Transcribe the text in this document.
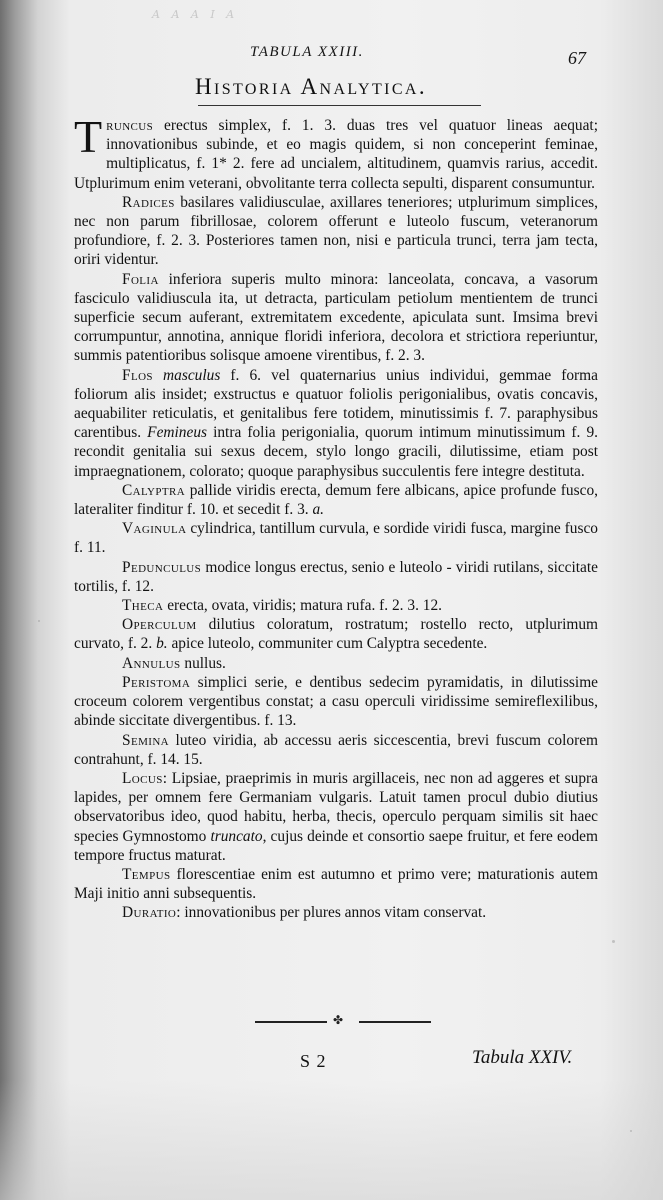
Α Α Α Ι Α
TABULA XXIII.	67
Historia Analytica.

Truncus erectus simplex, f. 1. 3. duas tres vel quatuor lineas aequat; innovationibus subinde, et eo magis quidem, si non conceperint feminae, multiplicatus, f. 1* 2. fere ad uncialem, altitudinem, quamvis rarius, accedit. Utplurimum enim veterani, obvolitante terra collecta sepulti, disparent consumuntur.

Radices basilares validiusculae, axillares teneriores; utplurimum simplices, nec non parum fibrillosae, colorem offerunt e luteolo fuscum, veteranorum profundiore, f. 2. 3. Posteriores tamen non, nisi e particula trunci, terra jam tecta, oriri videntur.

Folia inferiora superis multo minora: lanceolata, concava, a vasorum fasciculo validiuscula ita, ut detracta, particulam petiolum mentientem de trunci superficie secum auferant, extremitatem excedente, apiculata sunt. Imsima brevi corrumpuntur, annotina, annique floridi inferiora, decolora et strictiora reperiuntur, summis patentioribus solisque amoene virentibus, f. 2. 3.

Flos masculus f. 6. vel quaternarius unius individui, gemmae forma foliorum alis insidet; exstructus e quatuor foliolis perigonialibus, ovatis concavis, aequabiliter reticulatis, et genitalibus fere totidem, minutissimis f. 7. paraphysibus carentibus. Femineus intra folia perigonialia, quorum intimum minutissimum f. 9. recondit genitalia sui sexus decem, stylo longo gracili, dilutissime, etiam post impraegnationem, colorato; quoque paraphysibus succulentis fere integre destituta.

Calyptra pallide viridis erecta, demum fere albicans, apice profunde fusco, lateraliter finditur f. 10. et secedit f. 3. a.

Vaginula cylindrica, tantillum curvula, e sordide viridi fusca, margine fusco f. 11.

Pedunculus modice longus erectus, senio e luteolo - viridi rutilans, siccitate tortilis, f. 12.

Theca erecta, ovata, viridis; matura rufa. f. 2. 3. 12.

Operculum dilutius coloratum, rostratum; rostello recto, utplurimum curvato, f. 2. b. apice luteolo, communiter cum Calyptra secedente.

Annulus nullus.

Peristoma simplici serie, e dentibus sedecim pyramidatis, in dilutissime croceum colorem vergentibus constat; a casu operculi viridissime semireflexilibus, abinde siccitate divergentibus. f. 13.

Semina luteo viridia, ab accessu aeris siccescentia, brevi fuscum colorem contrahunt, f. 14. 15.

Locus: Lipsiae, praeprimis in muris argillaceis, nec non ad aggeres et supra lapides, per omnem fere Germaniam vulgaris. Latuit tamen procul dubio diutius observatoribus ideo, quod habitu, herba, thecis, operculo perquam similis sit haec species Gymnostomo truncato, cujus deinde et consortio saepe fruitur, et fere eodem tempore fructus maturat.

Tempus florescentiae enim est autumno et primo vere; maturationis autem Maji initio anni subsequentis.

Duratio: innovationibus per plures annos vitam conservat.

✤
S 2	Tabula XXIV.
